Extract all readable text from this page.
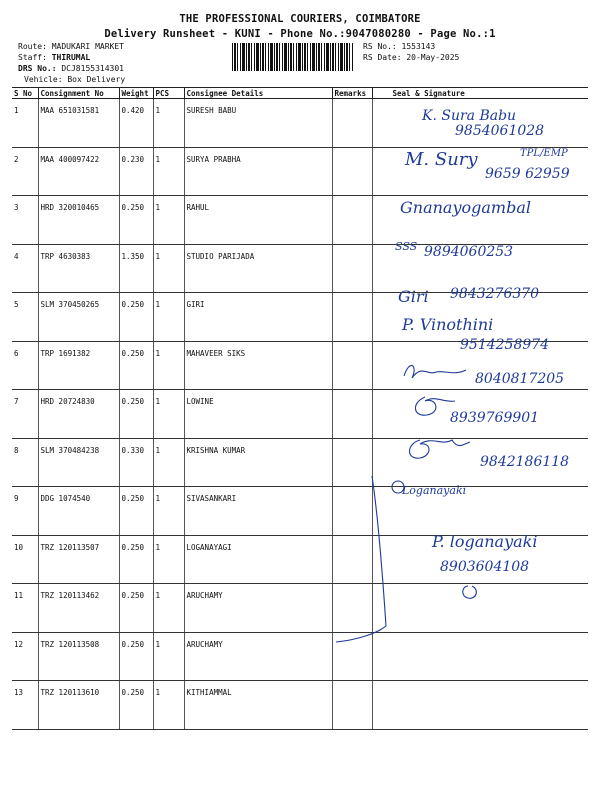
THE PROFESSIONAL COURIERS, COIMBATORE
Delivery Runsheet - KUNI - Phone No.:9047080280 - Page No.:1
Route: MADUKARI MARKET
Staff: THIRUMAL
DRS No.: DCJ8155314301
Vehicle: Box Delivery
RS No.: 1553143
RS Date: 20-May-2025
S No	Consignment No	Weight	PCS	Consignee Details	Remarks	Seal & Signature
1	MAA 651031581	0.420	1	SURESH BABU		
2	MAA 400097422	0.230	1	SURYA PRABHA		
3	HRD 320010465	0.250	1	RAHUL		
4	TRP 4630383	1.350	1	STUDIO PARIJADA		
5	SLM 370450265	0.250	1	GIRI		
6	TRP 1691382	0.250	1	MAHAVEER SIKS		
7	HRD 20724830	0.250	1	LOWINE		
8	SLM 370484238	0.330	1	KRISHNA KUMAR		
9	DDG 1074540	0.250	1	SIVASANKARI		
10	TRZ 120113507	0.250	1	LOGANAYAGI		
11	TRZ 120113462	0.250	1	ARUCHAMY		
12	TRZ 120113508	0.250	1	ARUCHAMY		
13	TRZ 120113610	0.250	1	KITHIAMMAL		
K. Sura Babu
9854061028
M. Sury	TPL/EMP
9659 62959
Gnanayogambal
SSS 9894060253
Giri 9843276370
P. Vinothini
9514258974
8040817205
8939769901
9842186118
Loganayaki
P. loganayaki
8903604108
